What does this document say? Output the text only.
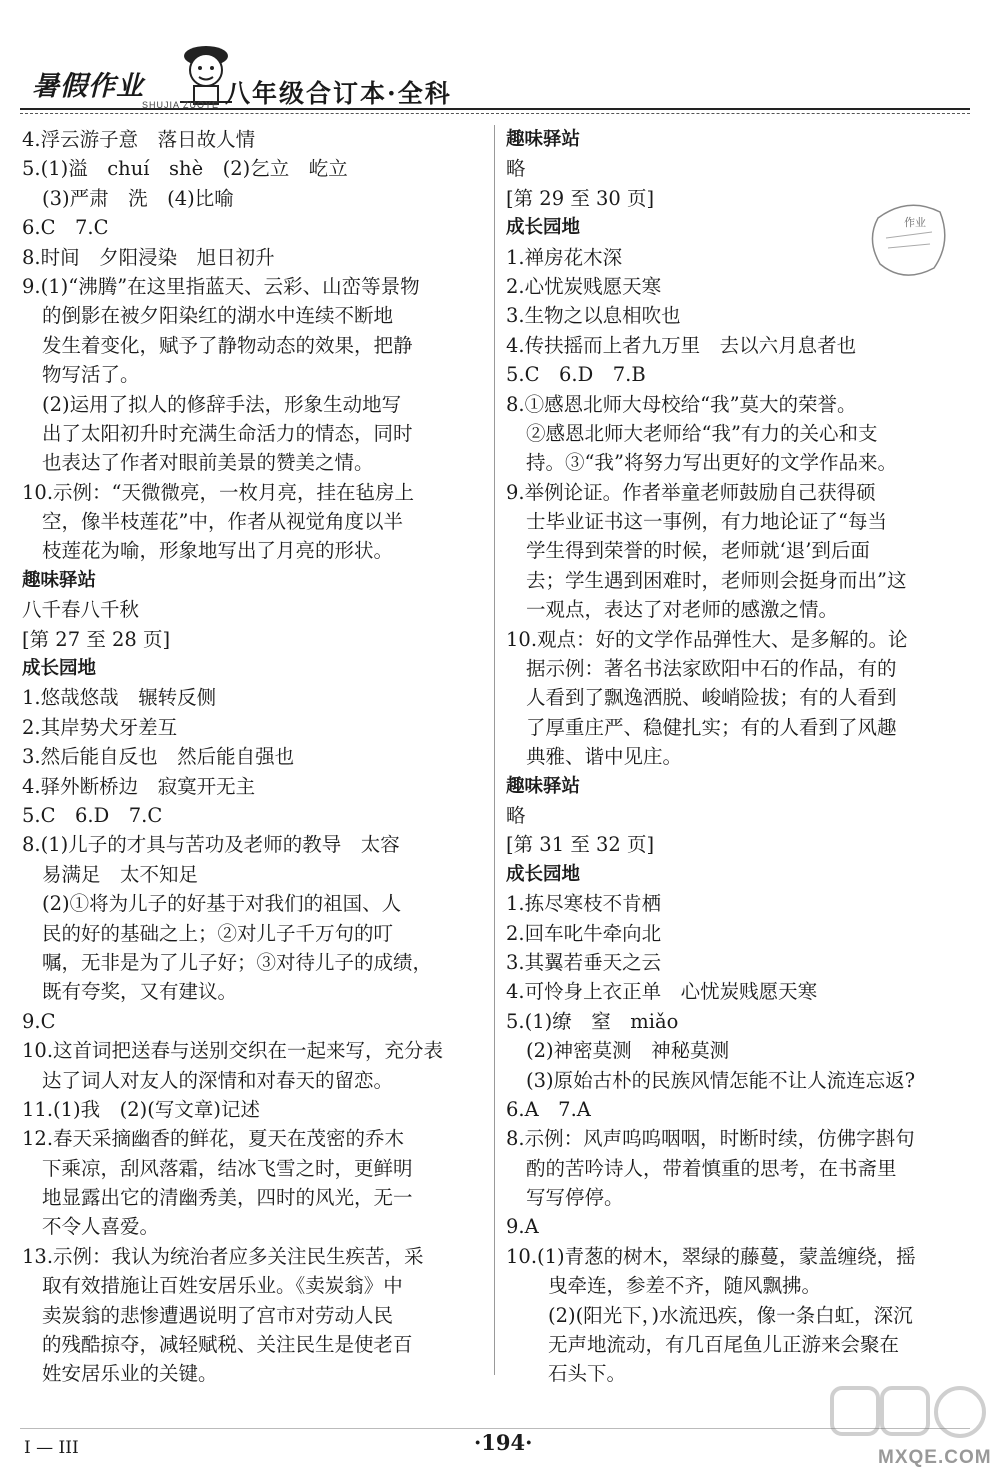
暑假作业
SHUJIA ZUOYE 八年级合订本·全科
4.浮云游子意　落日故人情
5.(1)溢　chuí　shè　(2)乞立　屹立
(3)严肃　洗　(4)比喻
6.C　7.C
8.时间　夕阳浸染　旭日初升
9.(1)“沸腾”在这里指蓝天、云彩、山峦等景物
的倒影在被夕阳染红的湖水中连续不断地
发生着变化，赋予了静物动态的效果，把静
物写活了。
(2)运用了拟人的修辞手法，形象生动地写
出了太阳初升时充满生命活力的情态，同时
也表达了作者对眼前美景的赞美之情。
10.示例：“天微微亮，一枚月亮，挂在毡房上
空，像半枝莲花”中，作者从视觉角度以半
枝莲花为喻，形象地写出了月亮的形状。
趣味驿站
八千春八千秋
[第 27 至 28 页]
成长园地
1.悠哉悠哉　辗转反侧
2.其岸势犬牙差互
3.然后能自反也　然后能自强也
4.驿外断桥边　寂寞开无主
5.C　6.D　7.C
8.(1)儿子的才具与苦功及老师的教导　太容
易满足　太不知足
(2)①将为儿子的好基于对我们的祖国、人
民的好的基础之上；②对儿子千万句的叮
嘱，无非是为了儿子好；③对待儿子的成绩，
既有夸奖，又有建议。
9.C
10.这首词把送春与送别交织在一起来写，充分表
达了词人对友人的深情和对春天的留恋。
11.(1)我　(2)(写文章)记述
12.春天采摘幽香的鲜花，夏天在茂密的乔木
下乘凉，刮风落霜，结冰飞雪之时，更鲜明
地显露出它的清幽秀美，四时的风光，无一
不令人喜爱。
13.示例：我认为统治者应多关注民生疾苦，采
取有效措施让百姓安居乐业。《卖炭翁》中
卖炭翁的悲惨遭遇说明了宫市对劳动人民
的残酷掠夺，减轻赋税、关注民生是使老百
姓安居乐业的关键。
趣味驿站
略
[第 29 至 30 页]
成长园地
1.禅房花木深
2.心忧炭贱愿天寒
3.生物之以息相吹也
4.传扶摇而上者九万里　去以六月息者也
5.C　6.D　7.B
8.①感恩北师大母校给“我”莫大的荣誉。
②感恩北师大老师给“我”有力的关心和支
持。③“我”将努力写出更好的文学作品来。
9.举例论证。作者举童老师鼓励自己获得硕
士毕业证书这一事例，有力地论证了“每当
学生得到荣誉的时候，老师就‘退’到后面
去；学生遇到困难时，老师则会挺身而出”这
一观点，表达了对老师的感激之情。
10.观点：好的文学作品弹性大、是多解的。论
据示例：著名书法家欧阳中石的作品，有的
人看到了飘逸洒脱、峻峭险拔；有的人看到
了厚重庄严、稳健扎实；有的人看到了风趣
典雅、谐中见庄。
趣味驿站
略
[第 31 至 32 页]
成长园地
1.拣尽寒枝不肯栖
2.回车叱牛牵向北
3.其翼若垂天之云
4.可怜身上衣正单　心忧炭贱愿天寒
5.(1)缭　窒　miǎo
(2)神密莫测　神秘莫测
(3)原始古朴的民族风情怎能不让人流连忘返?
6.A　7.A
8.示例：风声呜呜咽咽，时断时续，仿佛字斟句
酌的苦吟诗人，带着慎重的思考，在书斋里
写写停停。
9.A
10.(1)青葱的树木，翠绿的藤蔓，蒙盖缠绕，摇
曳牵连，参差不齐，随风飘拂。
(2)(阳光下，)水流迅疾，像一条白虹，深沉
无声地流动，有几百尾鱼儿正游来会聚在
石头下。
作业
I — III	·194·
MXQE.COM
